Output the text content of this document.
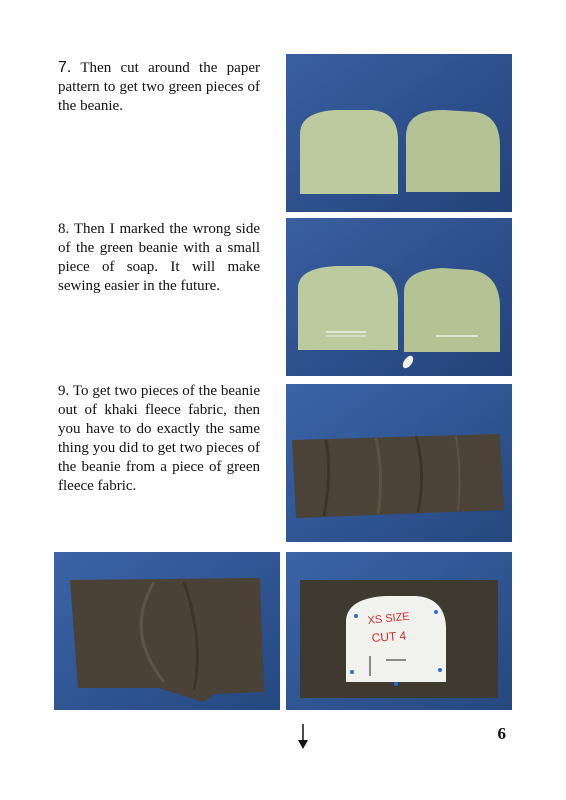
7. Then cut around the paper pattern to get two green pieces of the beanie.

8. Then I marked the wrong side of the green beanie with a small piece of soap. It will make sewing easier in the future.

9. To get two pieces of the beanie out of khaki fleece fabric, then you have to do exactly the same thing you did to get two pieces of the beanie from a piece of green fleece fabric.

XS SIZE
CUT 4
6
